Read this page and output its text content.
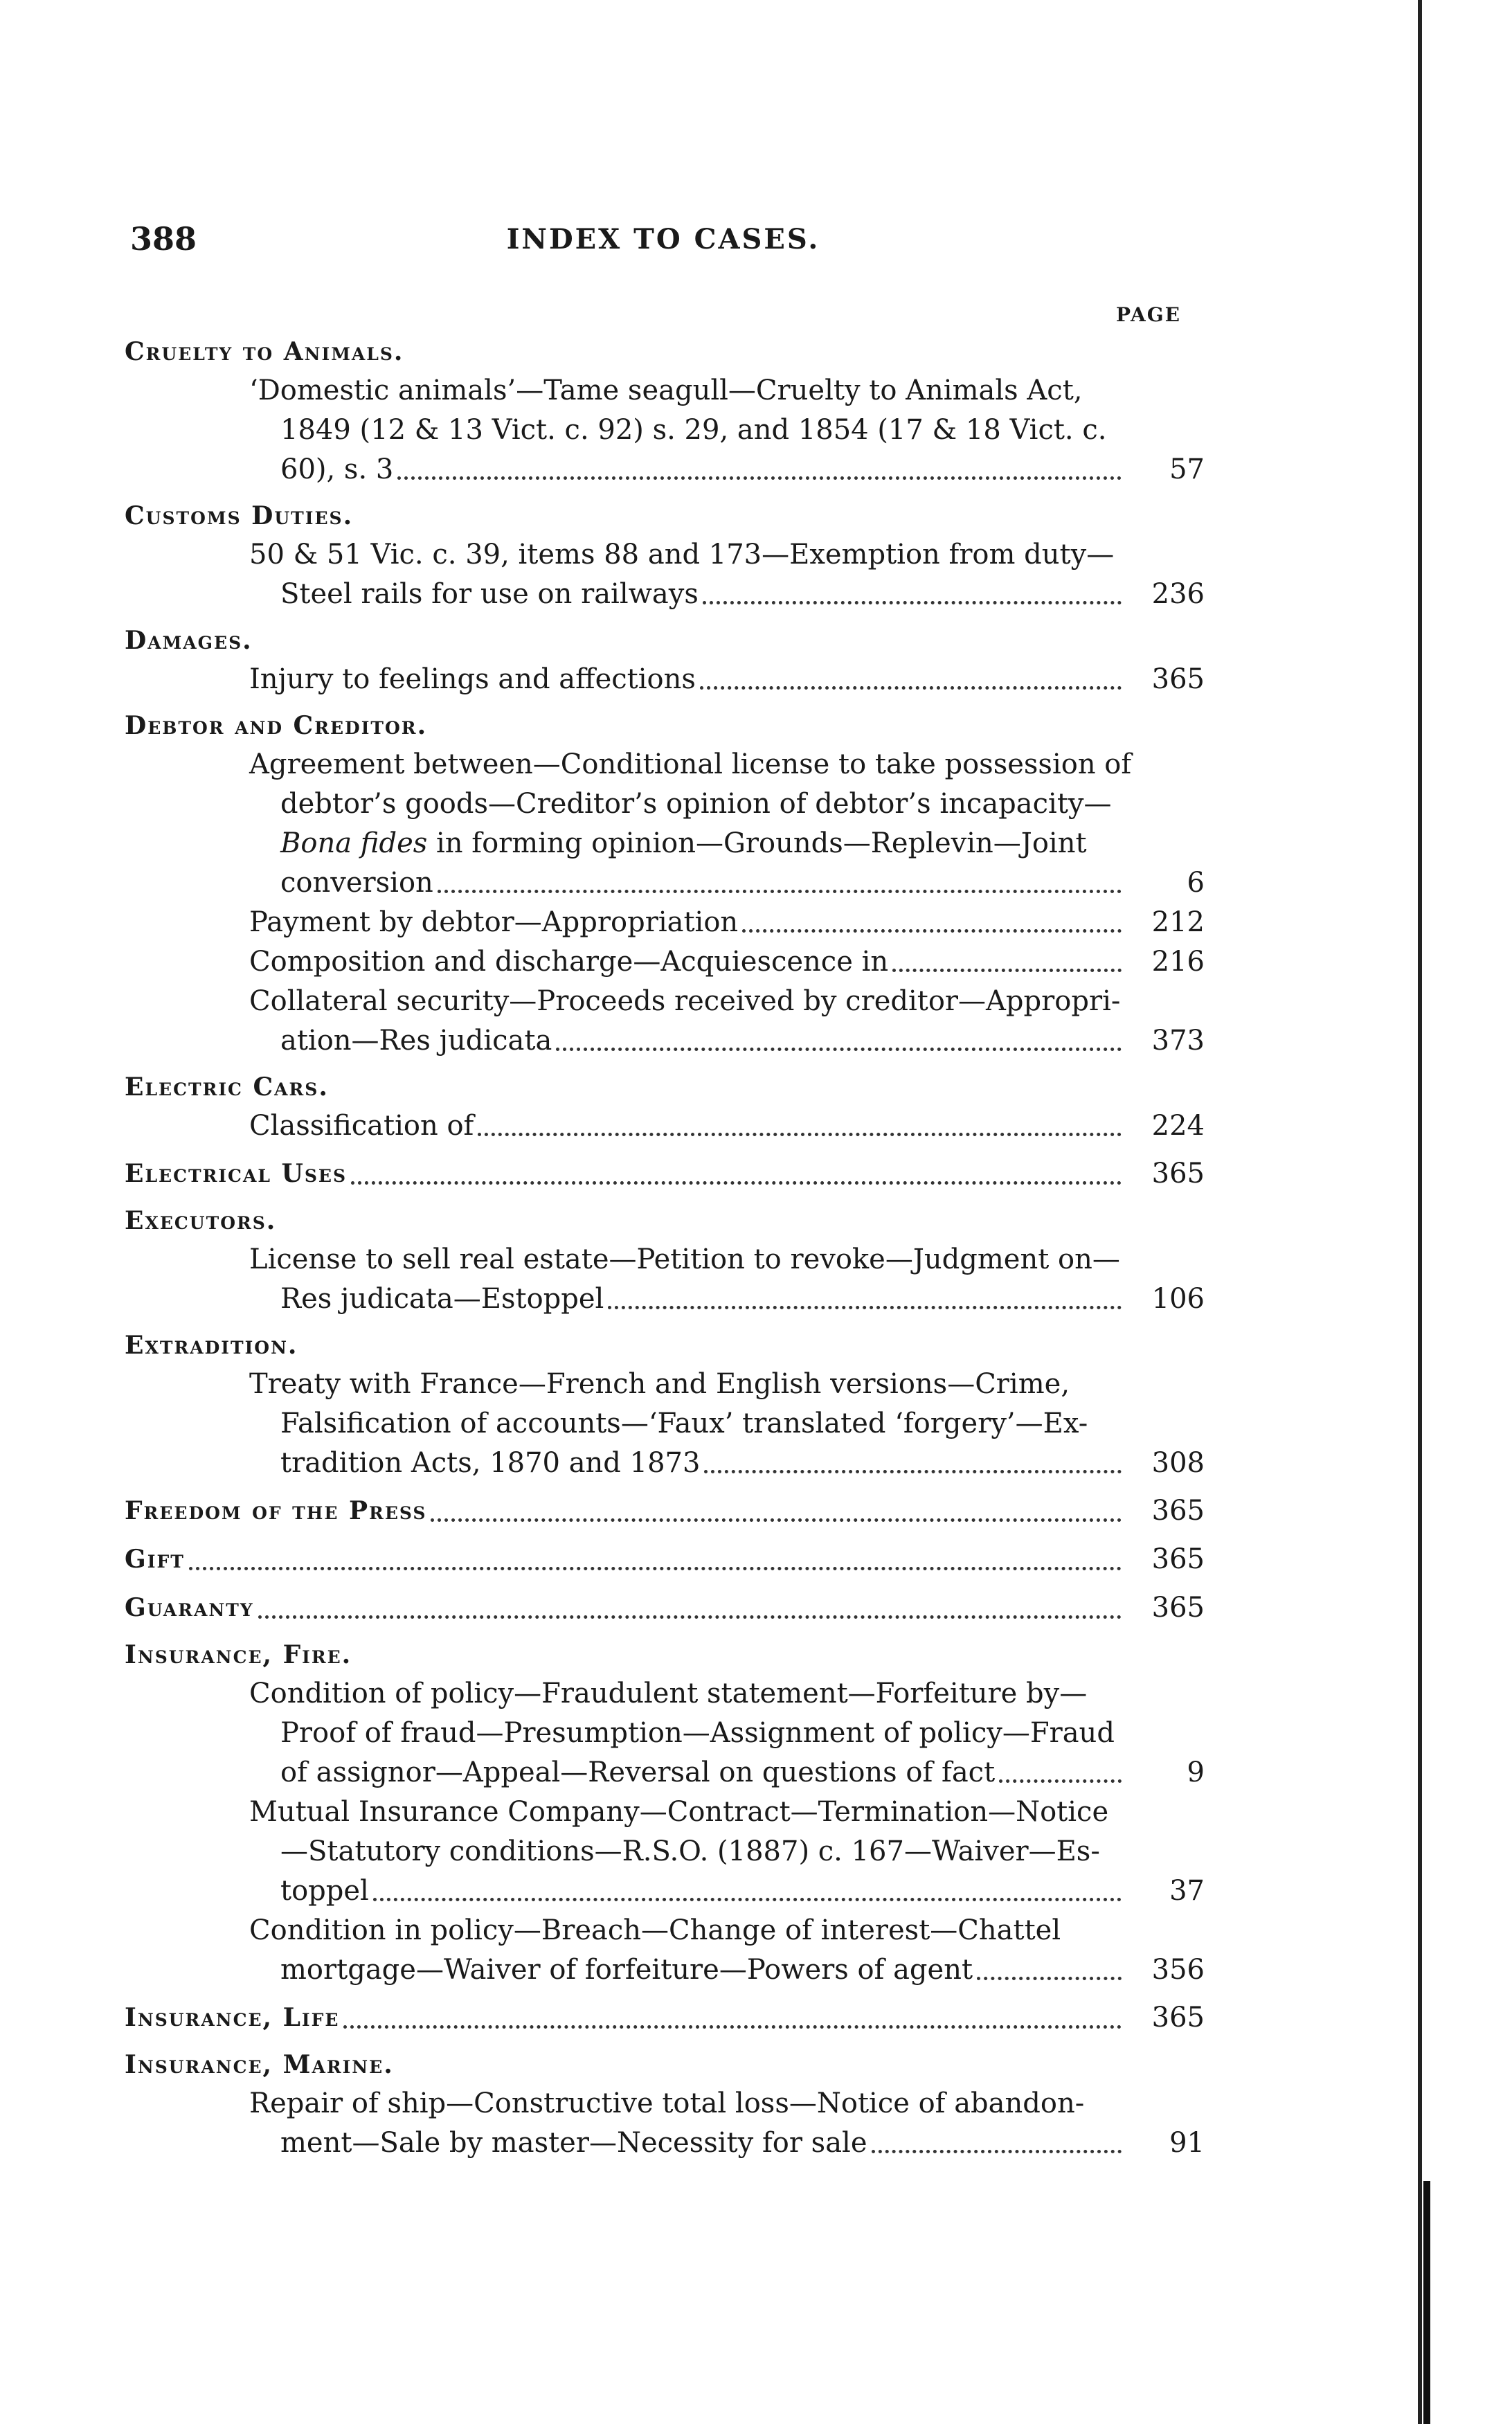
388	INDEX TO CASES.
PAGE
Cruelty to Animals.
‘Domestic animals’—Tame seagull—Cruelty to Animals Act,
1849 (12 & 13 Vict. c. 92) s. 29, and 1854 (17 & 18 Vict. c.
60), s. 3	57
Customs Duties.
50 & 51 Vic. c. 39, items 88 and 173—Exemption from duty—
Steel rails for use on railways	236
Damages.
Injury to feelings and affections	365
Debtor and Creditor.
Agreement between—Conditional license to take possession of
debtor’s goods—Creditor’s opinion of debtor’s incapacity—
Bona fides in forming opinion—Grounds—Replevin—Joint
conversion	6
Payment by debtor—Appropriation	212
Composition and discharge—Acquiescence in	216
Collateral security—Proceeds received by creditor—Appropri-
ation—Res judicata	373
Electric Cars.
Classification of	224
Electrical Uses	365
Executors.
License to sell real estate—Petition to revoke—Judgment on—
Res judicata—Estoppel	106
Extradition.
Treaty with France—French and English versions—Crime,
Falsification of accounts—‘Faux’ translated ‘forgery’—Ex-
tradition Acts, 1870 and 1873	308
Freedom of the Press	365
Gift	365
Guaranty	365
Insurance, Fire.
Condition of policy—Fraudulent statement—Forfeiture by—
Proof of fraud—Presumption—Assignment of policy—Fraud
of assignor—Appeal—Reversal on questions of fact	9
Mutual Insurance Company—Contract—Termination—Notice
—Statutory conditions—R.S.O. (1887) c. 167—Waiver—Es-
toppel	37
Condition in policy—Breach—Change of interest—Chattel
mortgage—Waiver of forfeiture—Powers of agent	356
Insurance, Life	365
Insurance, Marine.
Repair of ship—Constructive total loss—Notice of abandon-
ment—Sale by master—Necessity for sale	91
